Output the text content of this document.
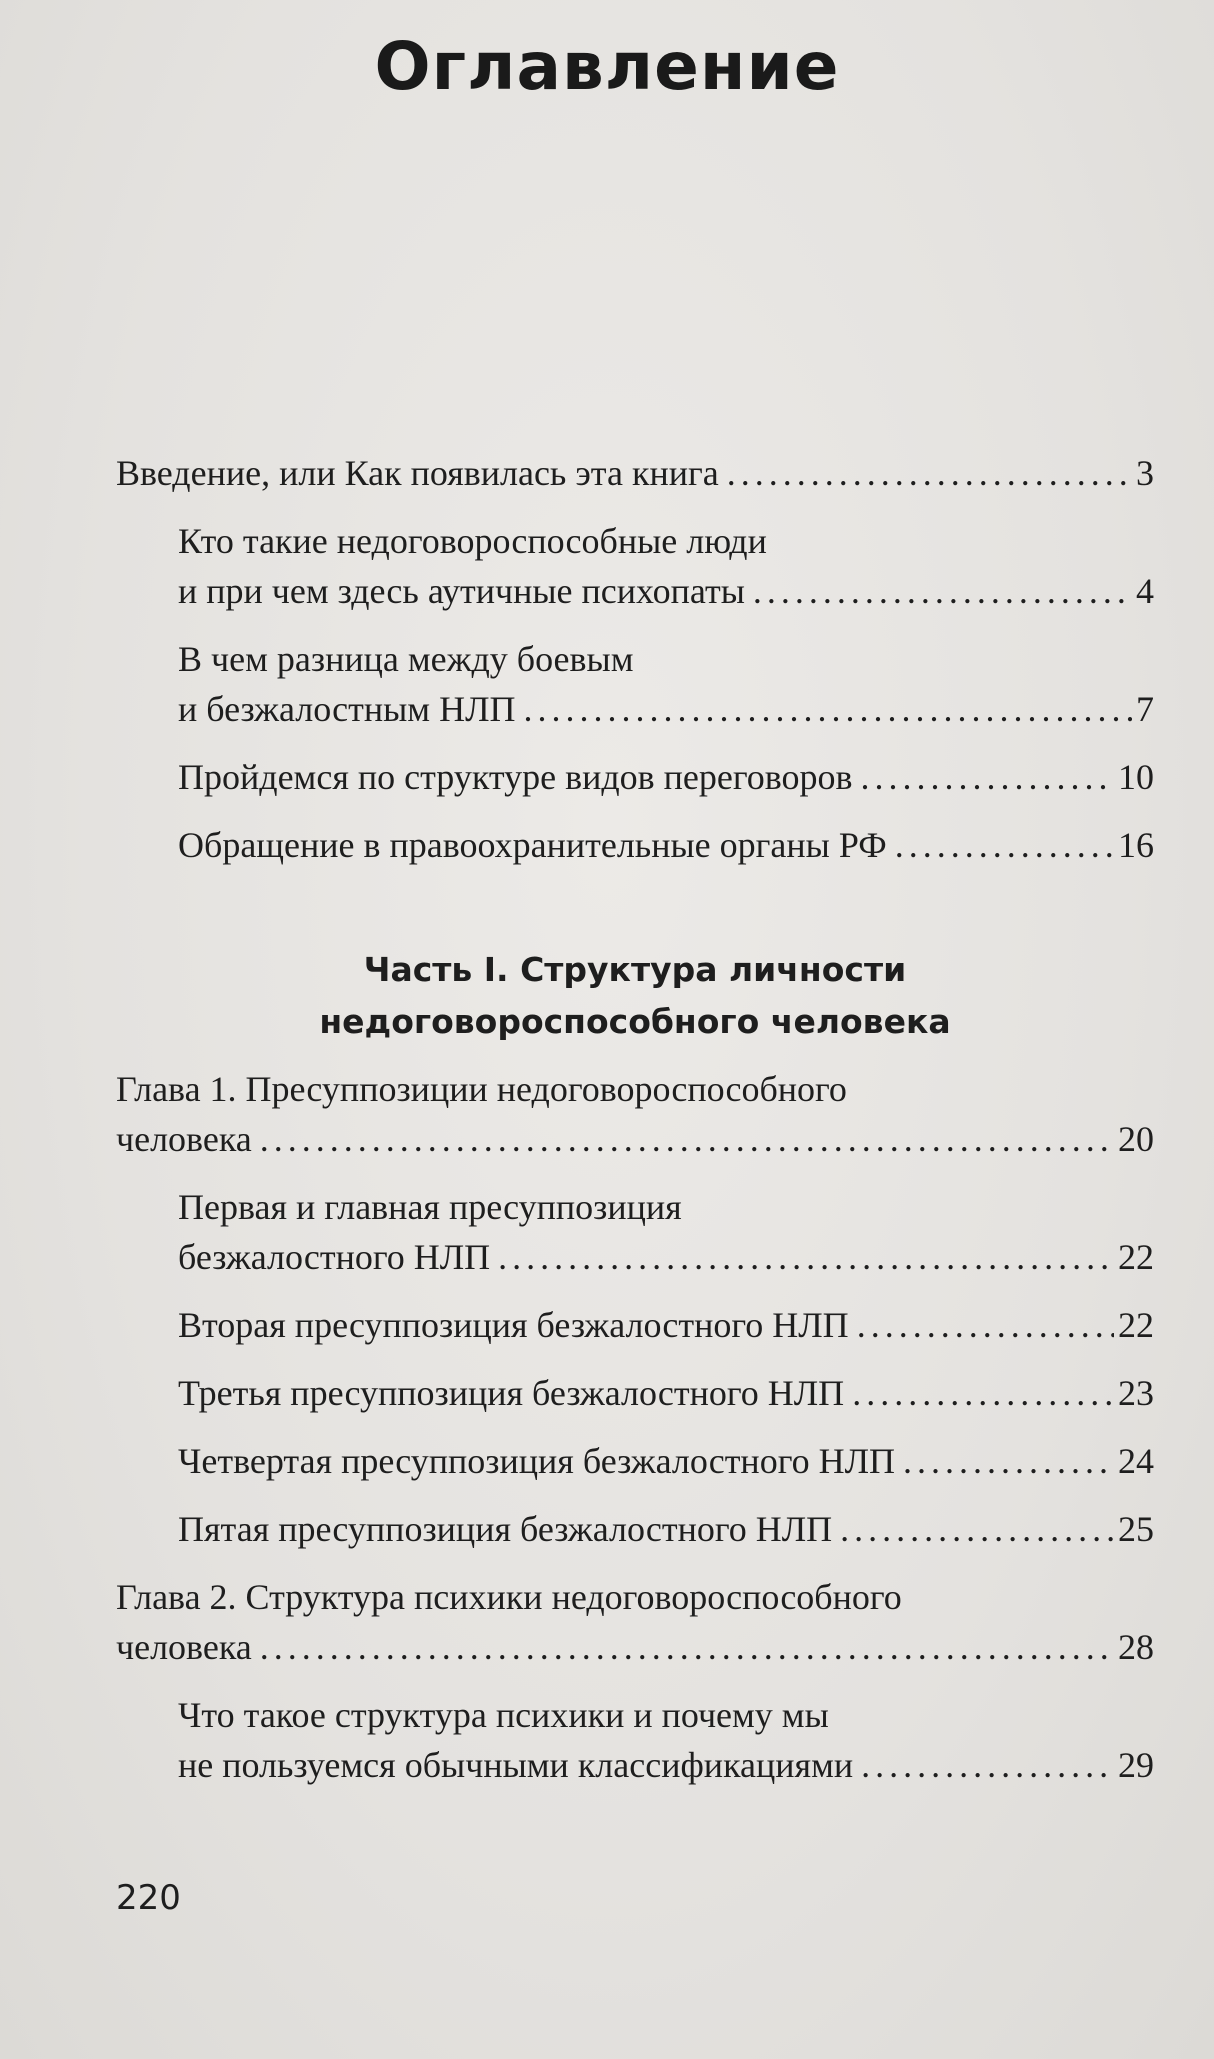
Оглавление
Введение, или Как появилась эта книга .....	3
Кто такие недоговороспособные люди
и при чем здесь аутичные психопаты .....	4
В чем разница между боевым
и безжалостным НЛП .....	7
Пройдемся по структуре видов переговоров .....	10
Обращение в правоохранительные органы РФ .....	16
Часть I. Структура личности
недоговороспособного человека
Глава 1. Пресуппозиции недоговороспособного
человека .....	20
Первая и главная пресуппозиция
безжалостного НЛП .....	22
Вторая пресуппозиция безжалостного НЛП .....	22
Третья пресуппозиция безжалостного НЛП .....	23
Четвертая пресуппозиция безжалостного НЛП .....	24
Пятая пресуппозиция безжалостного НЛП .....	25
Глава 2. Структура психики недоговороспособного
человека .....	28
Что такое структура психики и почему мы
не пользуемся обычными классификациями .....	29
220
